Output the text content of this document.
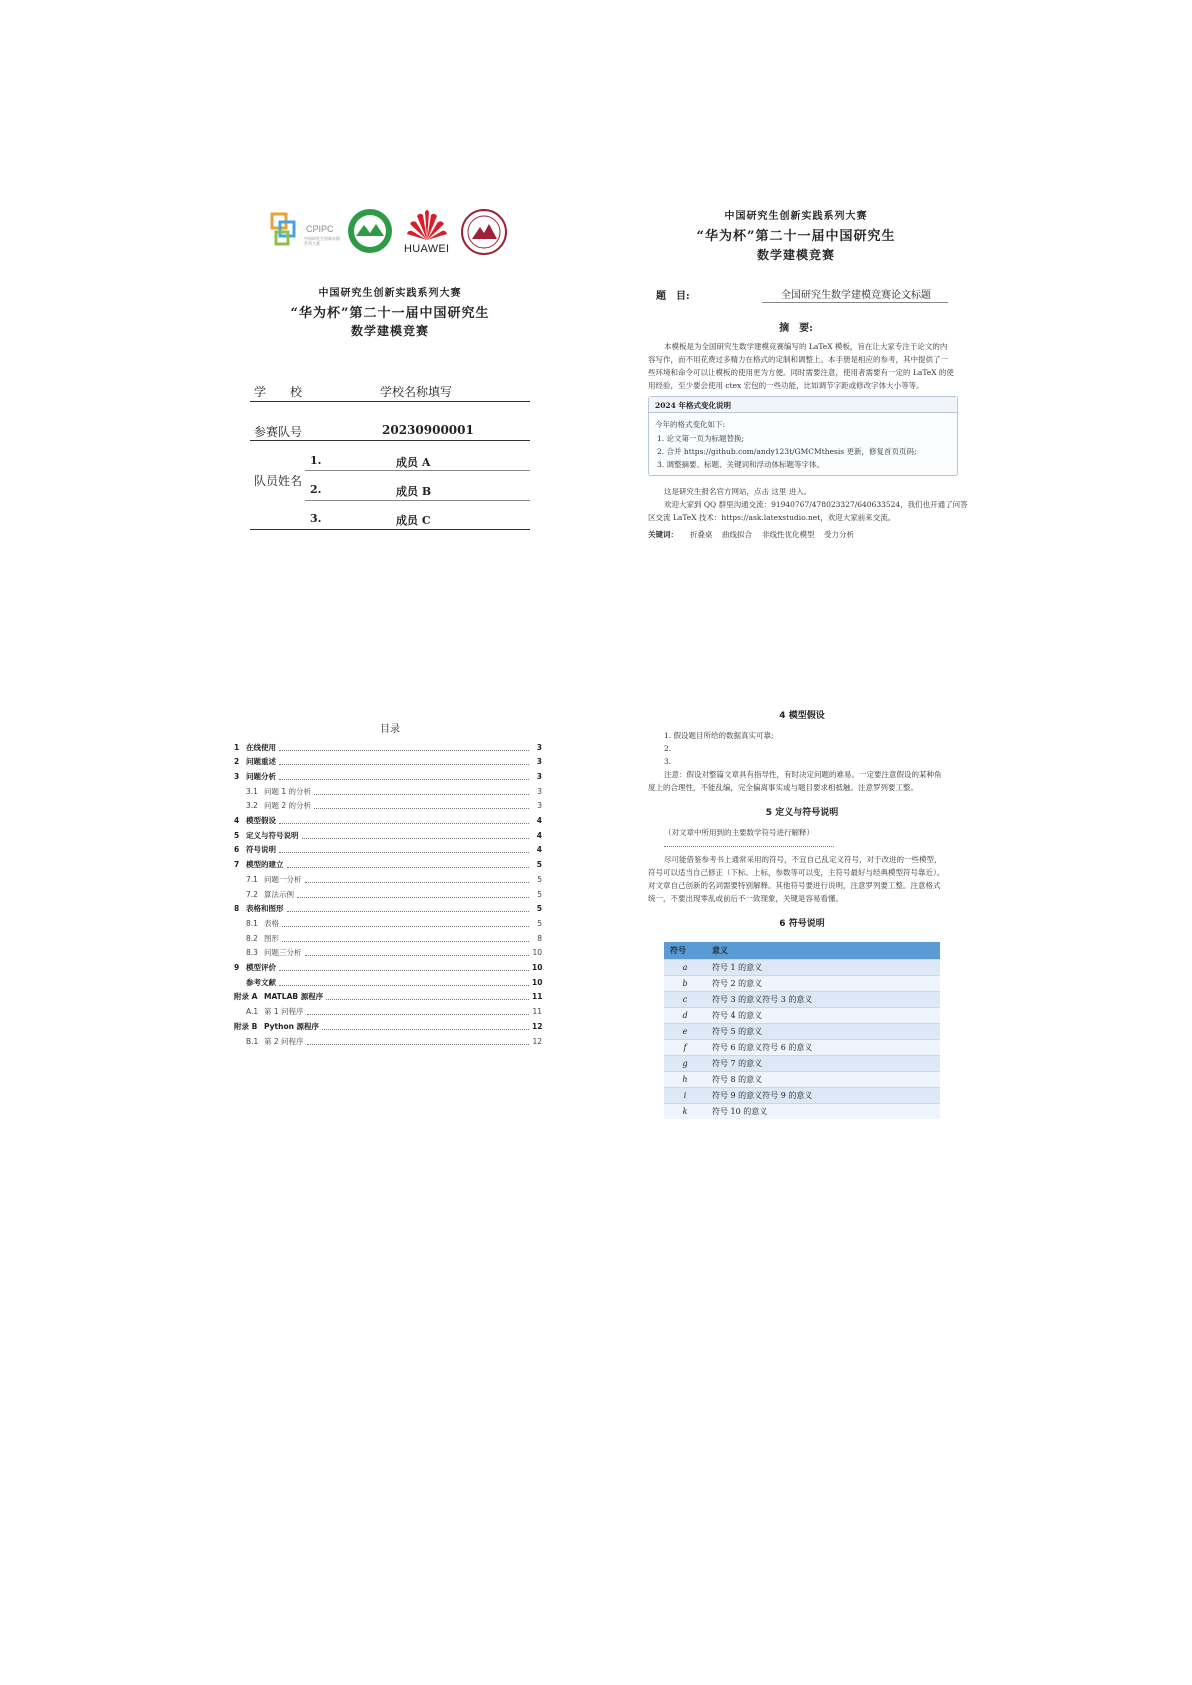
CPIPC
中国研究生创新实践系列大赛	HUAWEI
中国研究生创新实践系列大赛
“华为杯”第二十一届中国研究生
数学建模竞赛
学　　校	学校名称填写
参赛队号	20230900001
队员姓名
1.	成员 A
2.	成员 B
3.	成员 C
中国研究生创新实践系列大赛
“华为杯”第二十一届中国研究生
数学建模竞赛
题　目:	全国研究生数学建模竞赛论文标题
摘　要:
本模板是为全国研究生数学建模竞赛编写的 LaTeX 模板，旨在让大家专注于论文的内
容写作，而不用花费过多精力在格式的定制和调整上。本手册是相应的参考，其中提供了一
些环境和命令可以让模板的使用更为方便。同时需要注意，使用者需要有一定的 LaTeX 的使
用经验，至少要会使用 ctex 宏包的一些功能，比如调节字距或修改字体大小等等。
2024 年格式变化说明
今年的格式变化如下:
1. 论文第一页为标题替换;
2. 合并 https://github.com/andy123t/GMCMthesis 更新，修复首页页码;
3. 调整摘要、标题、关键词和浮动体标题等字体。
这是研究生报名官方网站，点击 这里 进入。
欢迎大家到 QQ 群里沟通交流：91940767/478023327/640633524，我们也开通了问答
区交流 LaTeX 技术：https://ask.latexstudio.net，欢迎大家前来交流。
关键词： 折叠桌 曲线拟合 非线性优化模型 受力分析
目录
1 在线使用	3
2 问题重述	3
3 问题分析	3
3.1 问题 1 的分析	3
3.2 问题 2 的分析	3
4 模型假设	4
5 定义与符号说明	4
6 符号说明	4
7 模型的建立	5
7.1 问题一分析	5
7.2 算法示例	5
8 表格和图形	5
8.1 表格	5
8.2 图形	8
8.3 问题三分析	10
9 模型评价	10
参考文献	10
附录 A MATLAB 源程序	11
A.1 第 1 问程序	11
附录 B Python 源程序	12
B.1 第 2 问程序	12
4 模型假设
1. 假设题目所给的数据真实可靠;
2.
3.
注意：假设对整篇文章具有指导性，有时决定问题的难易。一定要注意假设的某种角
度上的合理性，不能乱编，完全偏离事实或与题目要求相抵触。注意罗列要工整。
5 定义与符号说明
（对文章中所用到的主要数学符号进行解释）
尽可能借鉴参考书上通常采用的符号，不宜自己乱定义符号，对于改进的一些模型，
符号可以适当自己修正（下标、上标，参数等可以变，主符号最好与经典模型符号靠近）。
对文章自己创新的名词需要特别解释。其他符号要进行说明，注意罗列要工整。注意格式
统一，不要出现零乱或前后不一致现象，关键是容易看懂。
6 符号说明
符号	意义
a	符号 1 的意义
b	符号 2 的意义
c	符号 3 的意义符号 3 的意义
d	符号 4 的意义
e	符号 5 的意义
f	符号 6 的意义符号 6 的意义
g	符号 7 的意义
h	符号 8 的意义
i	符号 9 的意义符号 9 的意义
k	符号 10 的意义
